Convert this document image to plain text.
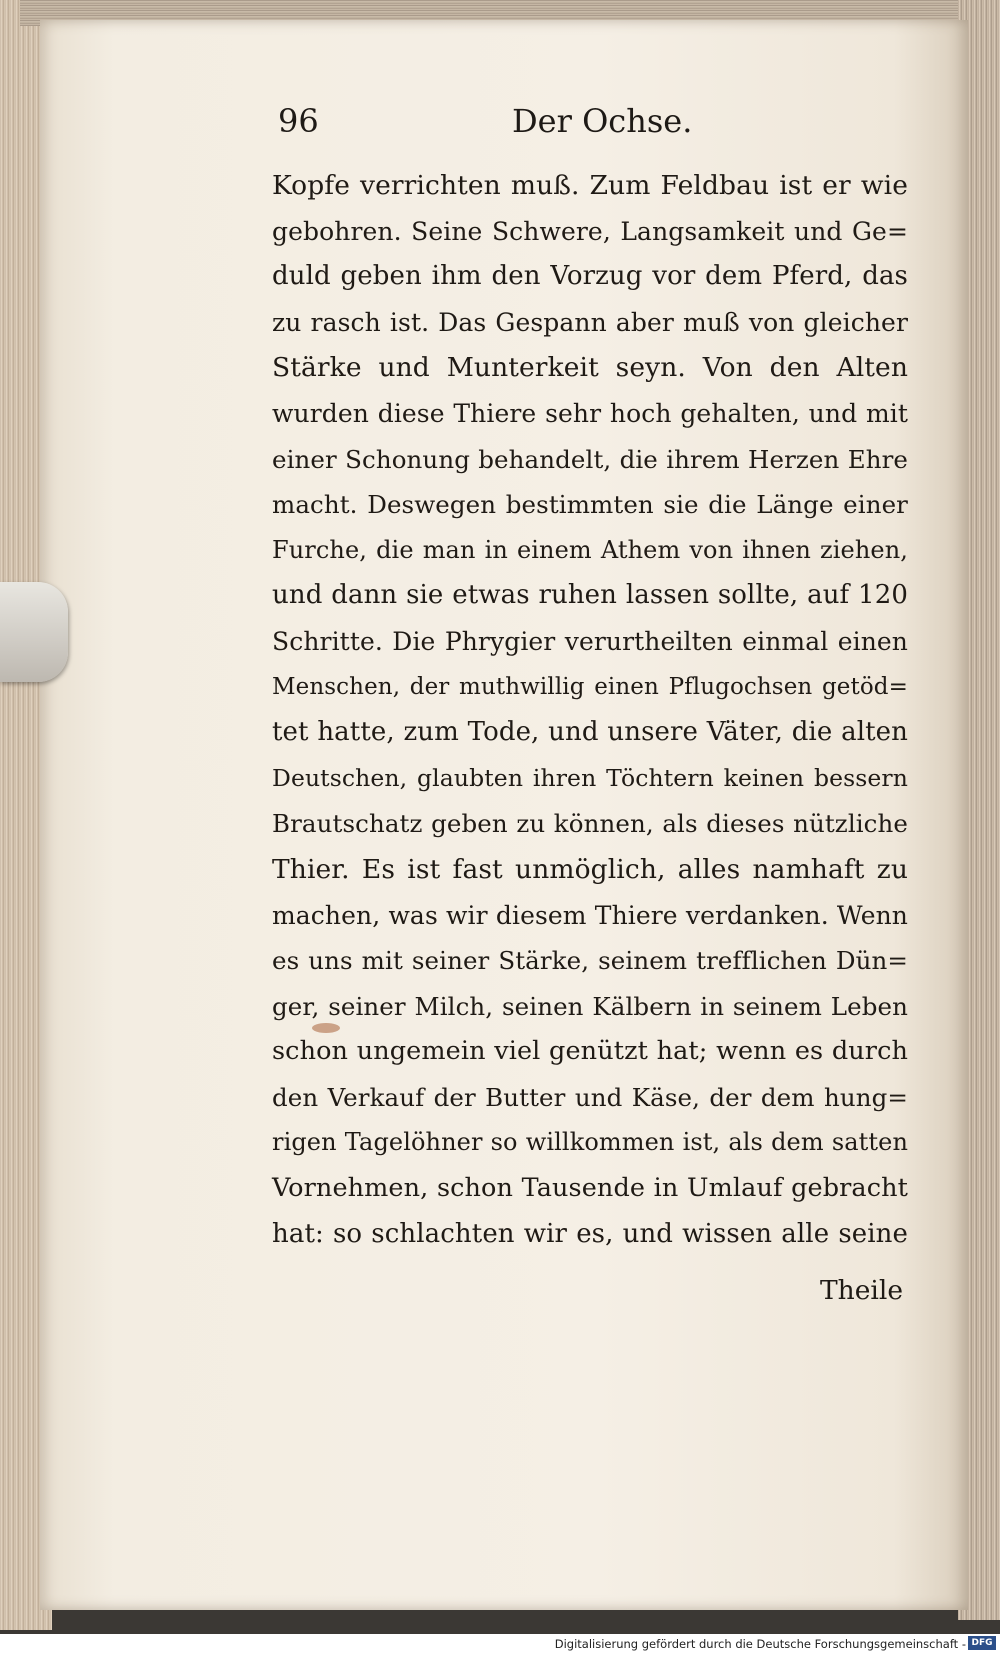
96	Der Ochse.
Kopfe verrichten muß. Zum Feldbau ist er wie
gebohren. Seine Schwere, Langsamkeit und Ge=
duld geben ihm den Vorzug vor dem Pferd, das
zu rasch ist. Das Gespann aber muß von gleicher
Stärke und Munterkeit seyn. Von den Alten
wurden diese Thiere sehr hoch gehalten, und mit
einer Schonung behandelt, die ihrem Herzen Ehre
macht. Deswegen bestimmten sie die Länge einer
Furche, die man in einem Athem von ihnen ziehen,
und dann sie etwas ruhen lassen sollte, auf 120
Schritte. Die Phrygier verurtheilten einmal einen
Menschen, der muthwillig einen Pflugochsen getöd=
tet hatte, zum Tode, und unsere Väter, die alten
Deutschen, glaubten ihren Töchtern keinen bessern
Brautschatz geben zu können, als dieses nützliche
Thier. Es ist fast unmöglich, alles namhaft zu
machen, was wir diesem Thiere verdanken. Wenn
es uns mit seiner Stärke, seinem trefflichen Dün=
ger, seiner Milch, seinen Kälbern in seinem Leben
schon ungemein viel genützt hat; wenn es durch
den Verkauf der Butter und Käse, der dem hung=
rigen Tagelöhner so willkommen ist, als dem satten
Vornehmen, schon Tausende in Umlauf gebracht
hat: so schlachten wir es, und wissen alle seine
Theile
Digitalisierung gefördert durch die Deutsche Forschungsgemeinschaft - DFG
